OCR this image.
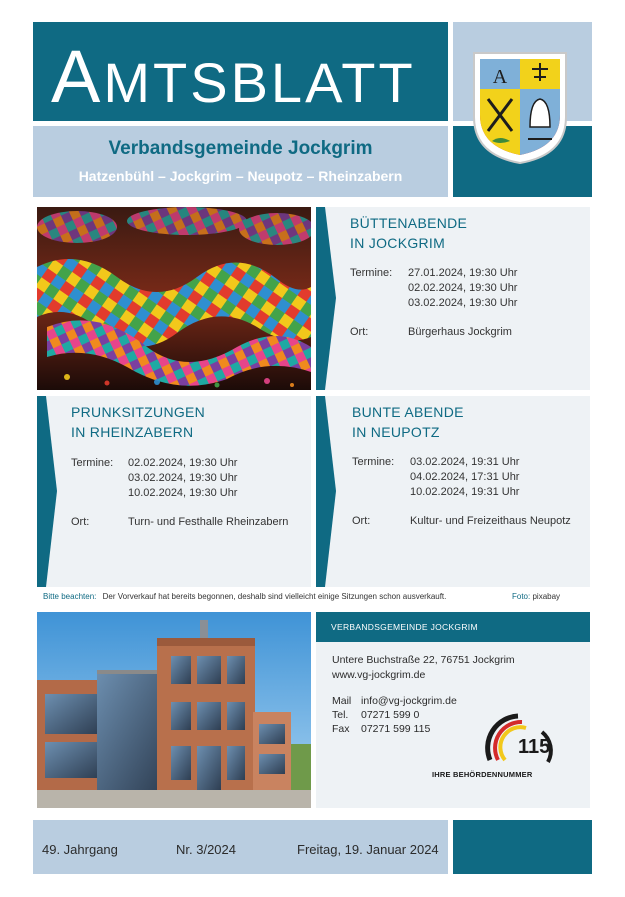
AMTSBLATT	A
Verbandsgemeinde Jockgrim
Hatzenbühl – Jockgrim – Neupotz – Rheinzabern
BÜTTENABENDE
IN JOCKGRIM
Termine: 27.01.2024, 19:30 Uhr
02.02.2024, 19:30 Uhr
03.02.2024, 19:30 Uhr
Ort:	Bürgerhaus Jockgrim
PRUNKSITZUNGEN
IN RHEINZABERN
Termine: 02.02.2024, 19:30 Uhr
03.02.2024, 19:30 Uhr
10.02.2024, 19:30 Uhr
Ort:	Turn- und Festhalle Rheinzabern
BUNTE ABENDE
IN NEUPOTZ
Termine: 03.02.2024, 19:31 Uhr
04.02.2024, 17:31 Uhr
10.02.2024, 19:31 Uhr
Ort:	Kultur- und Freizeithaus Neupotz
Bitte beachten: Der Vorverkauf hat bereits begonnen, deshalb sind vielleicht einige Sitzungen schon ausverkauft.	Foto: pixabay
VERBANDSGEMEINDE JOCKGRIM
Untere Buchstraße 22, 76751 Jockgrim
www.vg-jockgrim.de
Mail info@vg-jockgrim.de
Tel. 07271 599 0
Fax 07271 599 115
115
IHRE BEHÖRDENNUMMER
49. Jahrgang	Nr. 3/2024	Freitag, 19. Januar 2024
